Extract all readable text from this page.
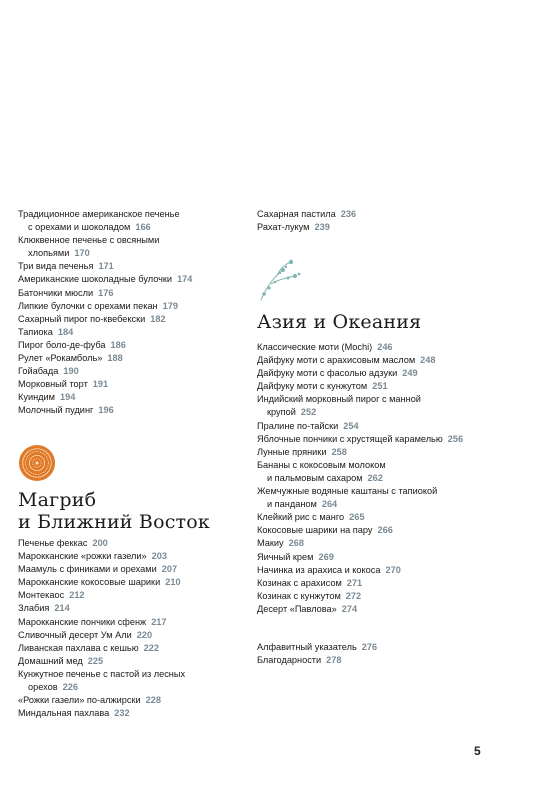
Традиционное американское печенье
с орехами и шоколадом 166
Клюквенное печенье с овсяными
хлопьями 170
Три вида печенья 171
Американские шоколадные булочки 174
Батончики мюсли 176
Липкие булочки с орехами пекан 179
Сахарный пирог по-квебекски 182
Тапиока 184
Пирог боло-де-фуба 186
Рулет «Рокамболь» 188
Гойабада 190
Морковный торт 191
Куиндим 194
Молочный пудинг 196
Магриб
и Ближний Восток
Печенье феккас 200
Марокканские «рожки газели» 203
Маамуль с финиками и орехами 207
Марокканские кокосовые шарики 210
Монтекаос 212
Злабия 214
Марокканские пончики сфенж 217
Сливочный десерт Ум Али 220
Ливанская пахлава с кешью 222
Домашний мед 225
Кунжутное печенье с пастой из лесных
орехов 226
«Рожки газели» по-алжирски 228
Миндальная пахлава 232
Сахарная пастила 236
Рахат-лукум 239
Азия и Океания
Классические моти (Mochi) 246
Дайфуку моти с арахисовым маслом 248
Дайфуку моти с фасолью адзуки 249
Дайфуку моти с кунжутом 251
Индийский морковный пирог с манной
крупой 252
Пралине по-тайски 254
Яблочные пончики с хрустящей карамелью 256
Лунные пряники 258
Бананы с кокосовым молоком
и пальмовым сахаром 262
Жемчужные водяные каштаны с тапиокой
и панданом 264
Клейкий рис с манго 265
Кокосовые шарики на пару 266
Макиу 268
Яичный крем 269
Начинка из арахиса и кокоса 270
Козинак с арахисом 271
Козинак с кунжутом 272
Десерт «Павлова» 274
Алфавитный указатель 276
Благодарности 278
5
